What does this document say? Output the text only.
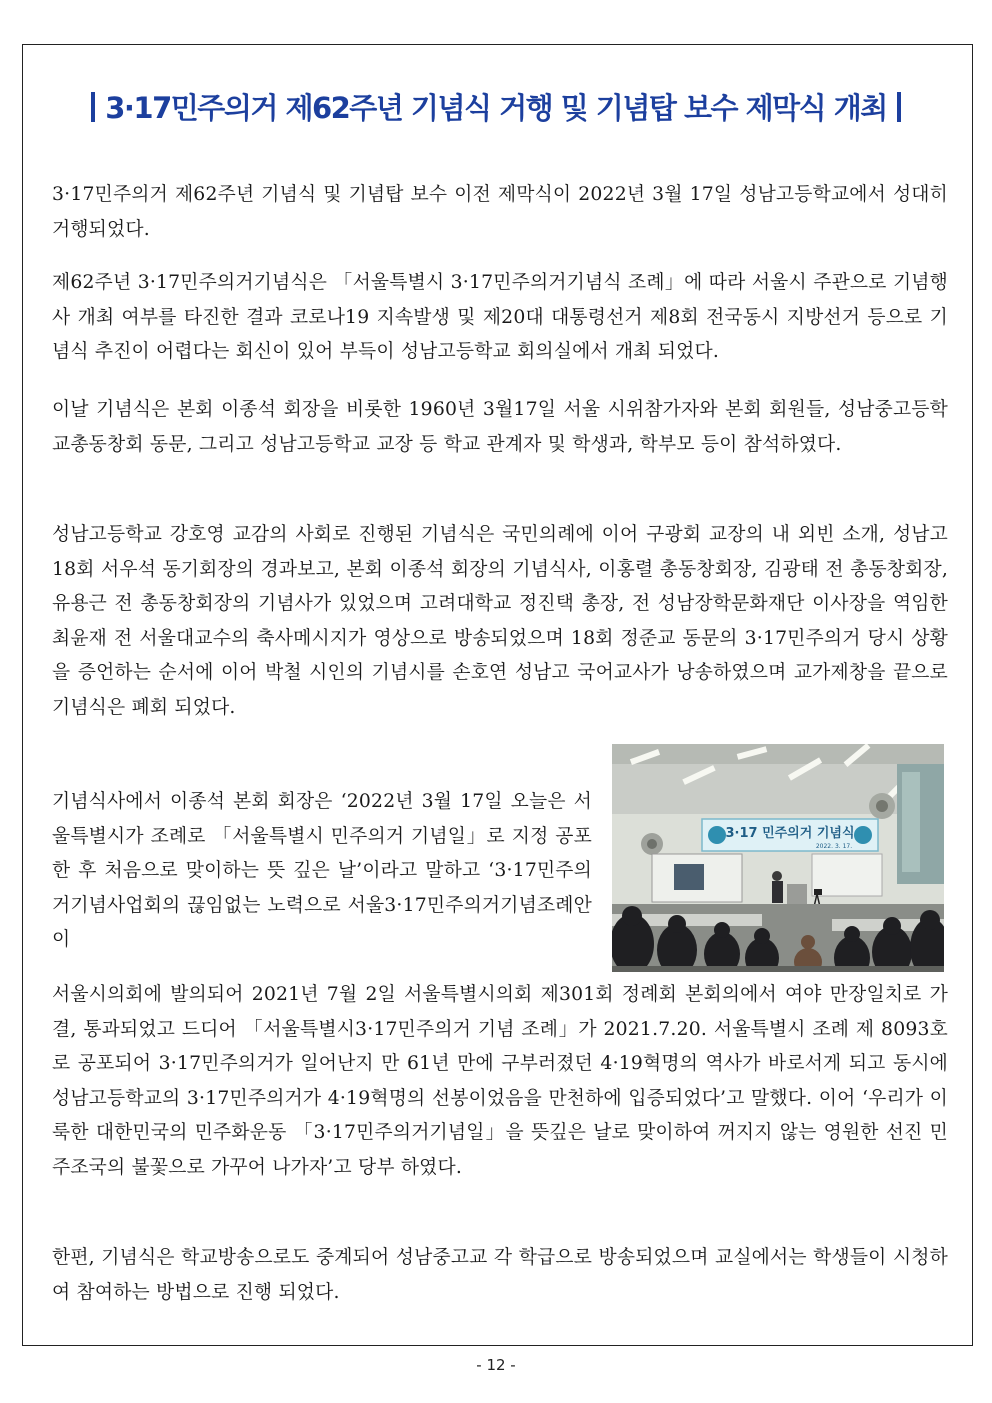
3·17민주의거 제62주년 기념식 거행 및 기념탑 보수 제막식 개최

3·17민주의거 제62주년 기념식 및 기념탑 보수 이전 제막식이 2022년 3월 17일 성남고등학교에서 성대히 거행되었다.

제62주년 3·17민주의거기념식은 「서울특별시 3·17민주의거기념식 조례」에 따라 서울시 주관으로 기념행사 개최 여부를 타진한 결과 코로나19 지속발생 및 제20대 대통령선거 제8회 전국동시 지방선거 등으로 기념식 추진이 어렵다는 회신이 있어 부득이 성남고등학교 회의실에서 개최 되었다.

이날 기념식은 본회 이종석 회장을 비롯한 1960년 3월17일 서울 시위참가자와 본회 회원들, 성남중고등학교총동창회 동문, 그리고 성남고등학교 교장 등 학교 관계자 및 학생과, 학부모 등이 참석하였다.

성남고등학교 강호영 교감의 사회로 진행된 기념식은 국민의례에 이어 구광회 교장의 내 외빈 소개, 성남고 18회 서우석 동기회장의 경과보고, 본회 이종석 회장의 기념식사, 이홍렬 총동창회장, 김광태 전 총동창회장, 유용근 전 총동창회장의 기념사가 있었으며 고려대학교 정진택 총장, 전 성남장학문화재단 이사장을 역임한 최윤재 전 서울대교수의 축사메시지가 영상으로 방송되었으며 18회 정준교 동문의 3·17민주의거 당시 상황을 증언하는 순서에 이어 박철 시인의 기념시를 손호연 성남고 국어교사가 낭송하였으며 교가제창을 끝으로 기념식은 폐회 되었다.

기념식사에서 이종석 본회 회장은 ‘2022년 3월 17일 오늘은 서울특별시가 조례로 「서울특별시 민주의거 기념일」로 지정 공포한 후 처음으로 맞이하는 뜻 깊은 날’이라고 말하고 ‘3·17민주의거기념사업회의 끊임없는 노력으로 서울3·17민주의거기념조례안이

서울시의회에 발의되어 2021년 7월 2일 서울특별시의회 제301회 정례회 본회의에서 여야 만장일치로 가결, 통과되었고 드디어 「서울특별시3·17민주의거 기념 조례」가 2021.7.20. 서울특별시 조례 제 8093호로 공포되어 3·17민주의거가 일어난지 만 61년 만에 구부러졌던 4·19혁명의 역사가 바로서게 되고 동시에 성남고등학교의 3·17민주의거가 4·19혁명의 선봉이었음을 만천하에 입증되었다’고 말했다. 이어 ‘우리가 이룩한 대한민국의 민주화운동 「3·17민주의거기념일」을 뜻깊은 날로 맞이하여 꺼지지 않는 영원한 선진 민주조국의 불꽃으로 가꾸어 나가자’고 당부 하였다.

한편, 기념식은 학교방송으로도 중계되어 성남중고교 각 학급으로 방송되었으며 교실에서는 학생들이 시청하여 참여하는 방법으로 진행 되었다.

3·17 민주의거 기념식
2022. 3. 17.
- 12 -
